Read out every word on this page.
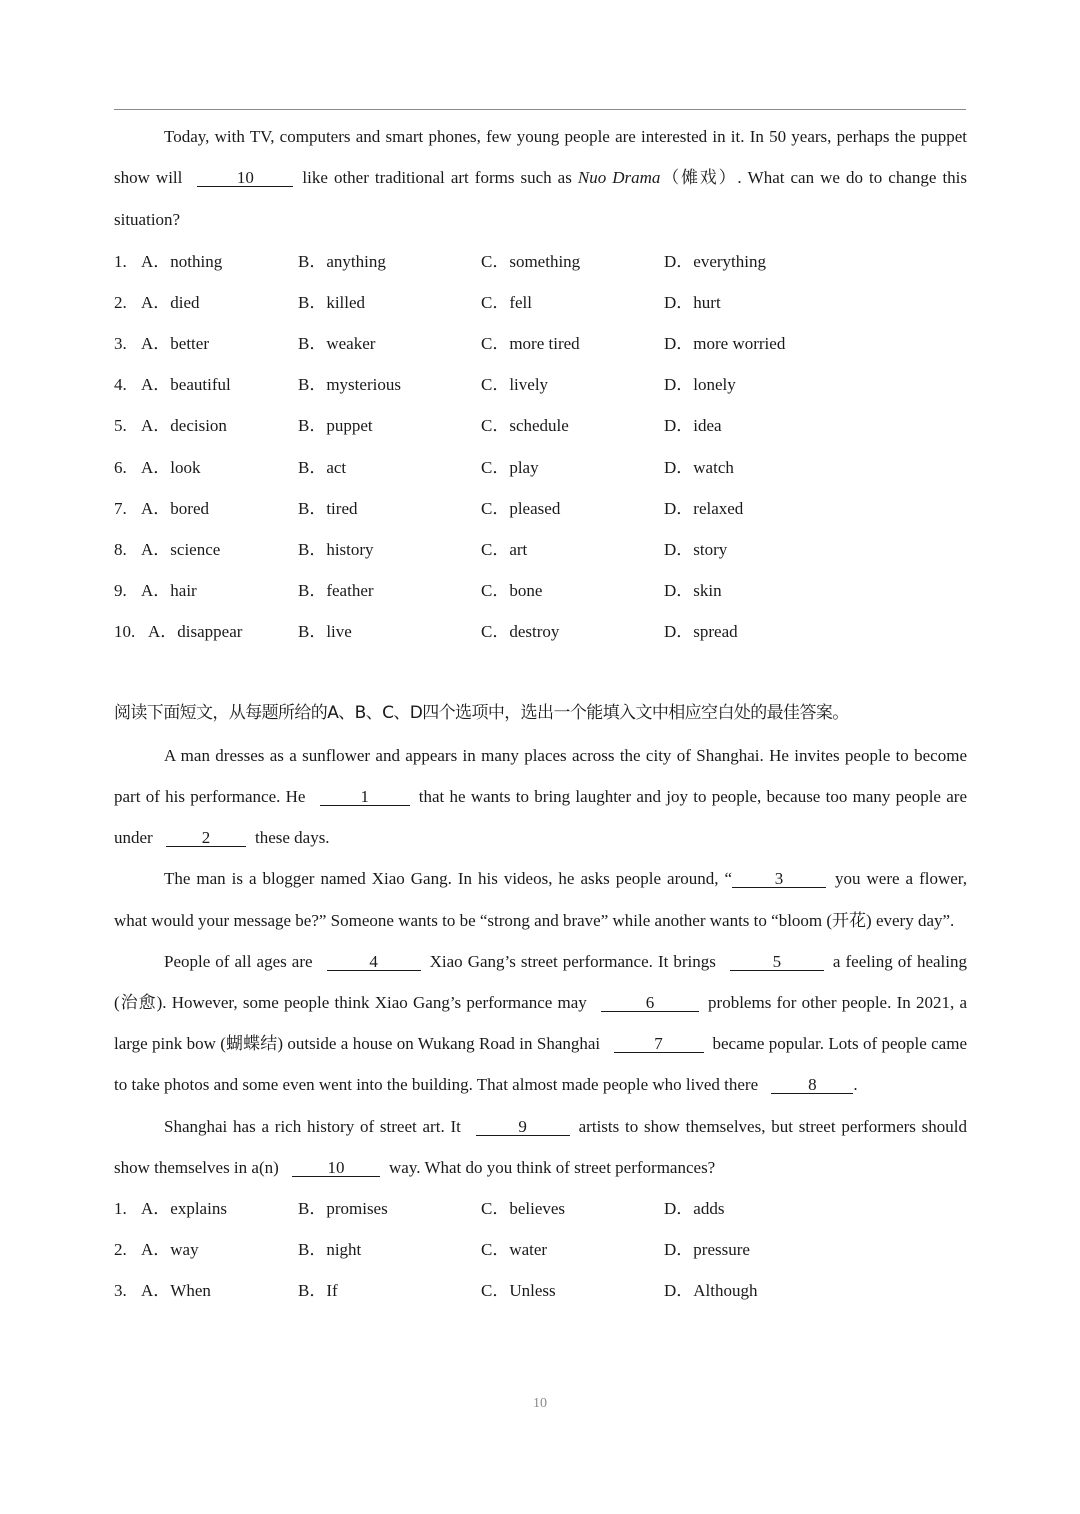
Today, with TV, computers and smart phones, few young people are interested in it. In 50 years, perhaps the puppet show will	10	like other traditional art forms such as Nuo Drama（傩戏）. What can we do to change this situation?

1. A．nothing	B．anything	C．something	D．everything
2. A．died	B．killed	C．fell	D．hurt
3. A．better	B．weaker	C．more tired	D．more worried
4. A．beautiful	B．mysterious	C．lively	D．lonely
5. A．decision	B．puppet	C．schedule	D．idea
6. A．look	B．act	C．play	D．watch
7. A．bored	B．tired	C．pleased	D．relaxed
8. A．science	B．history	C．art	D．story
9. A．hair	B．feather	C．bone	D．skin
10. A．disappear	B．live	C．destroy	D．spread

阅读下面短文，从每题所给的A、B、C、D四个选项中，选出一个能填入文中相应空白处的最佳答案。

A man dresses as a sunflower and appears in many places across the city of Shanghai. He invites people to become part of his performance. He	1	that he wants to bring laughter and joy to people, because too many people are under	2	these days.

The man is a blogger named Xiao Gang. In his videos, he asks people around, “	3	you were a flower, what would your message be?” Someone wants to be “strong and brave” while another wants to “bloom (开花) every day”.

People of all ages are	4	Xiao Gang’s street performance. It brings	5	a feeling of healing (治愈). However, some people think Xiao Gang’s performance may	6	problems for other people. In 2021, a large pink bow (蝴蝶结) outside a house on Wukang Road in Shanghai	7	became popular. Lots of people came to take photos and some even went into the building. That almost made people who lived there	8 .

Shanghai has a rich history of street art. It	9	artists to show themselves, but street performers should show themselves in a(n)	10	way. What do you think of street performances?

1. A．explains	B．promises	C．believes	D．adds
2. A．way	B．night	C．water	D．pressure
3. A．When	B．If	C．Unless	D．Although
10
